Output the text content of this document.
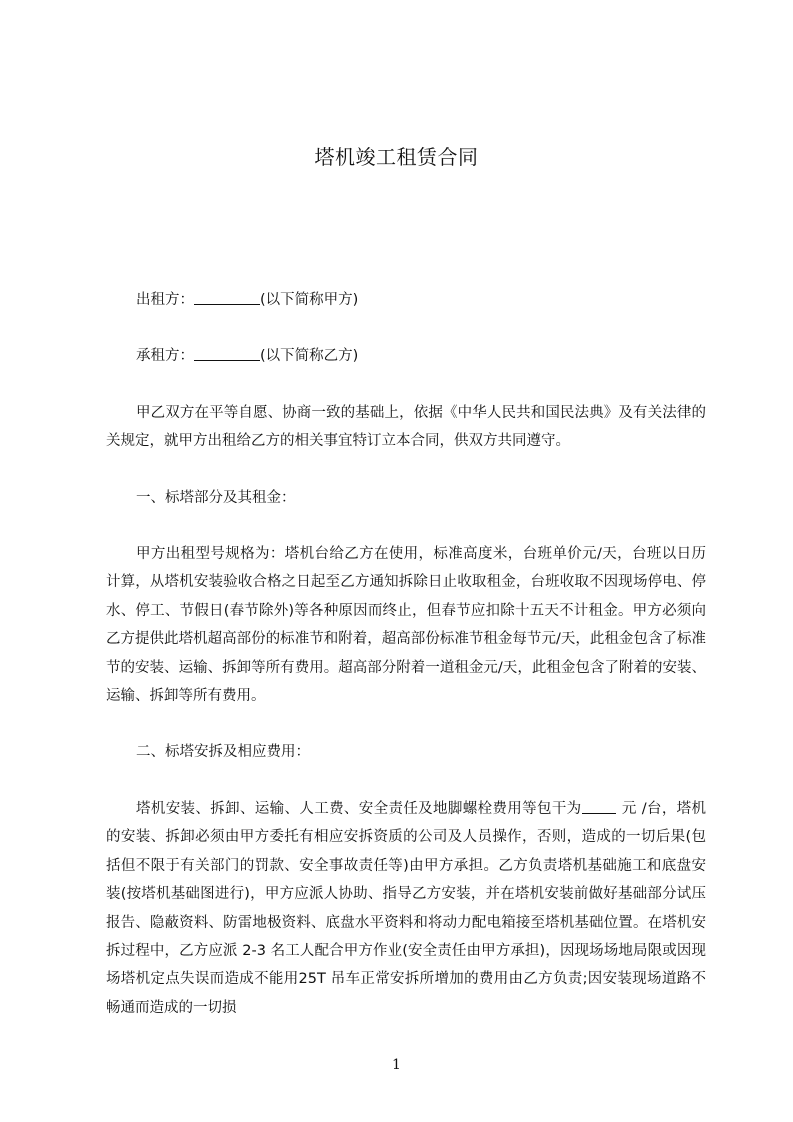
塔机竣工租赁合同

出租方：	(以下简称甲方)

承租方：	(以下简称乙方)

甲乙双方在平等自愿、协商一致的基础上，依据《中华人民共和国民法典》及有关法律的关规定，就甲方出租给乙方的相关事宜特订立本合同，供双方共同遵守。

一、标塔部分及其租金：

甲方出租型号规格为：塔机台给乙方在使用，标准高度米，台班单价元/天，台班以日历计算，从塔机安装验收合格之日起至乙方通知拆除日止收取租金，台班收取不因现场停电、停水、停工、节假日(春节除外)等各种原因而终止，但春节应扣除十五天不计租金。甲方必须向乙方提供此塔机超高部份的标准节和附着，超高部份标准节租金每节元/天，此租金包含了标准节的安装、运输、拆卸等所有费用。超高部分附着一道租金元/天，此租金包含了附着的安装、运输、拆卸等所有费用。

二、标塔安拆及相应费用：

塔机安装、拆卸、运输、人工费、安全责任及地脚螺栓费用等包干为	元 /台，塔机的安装、拆卸必须由甲方委托有相应安拆资质的公司及人员操作，否则，造成的一切后果(包括但不限于有关部门的罚款、安全事故责任等)由甲方承担。乙方负责塔机基础施工和底盘安装(按塔机基础图进行)，甲方应派人协助、指导乙方安装，并在塔机安装前做好基础部分试压报告、隐蔽资料、防雷地极资料、底盘水平资料和将动力配电箱接至塔机基础位置。在塔机安拆过程中，乙方应派 2-3 名工人配合甲方作业(安全责任由甲方承担)，因现场场地局限或因现场塔机定点失误而造成不能用25T 吊车正常安拆所增加的费用由乙方负责;因安装现场道路不畅通而造成的一切损

1
